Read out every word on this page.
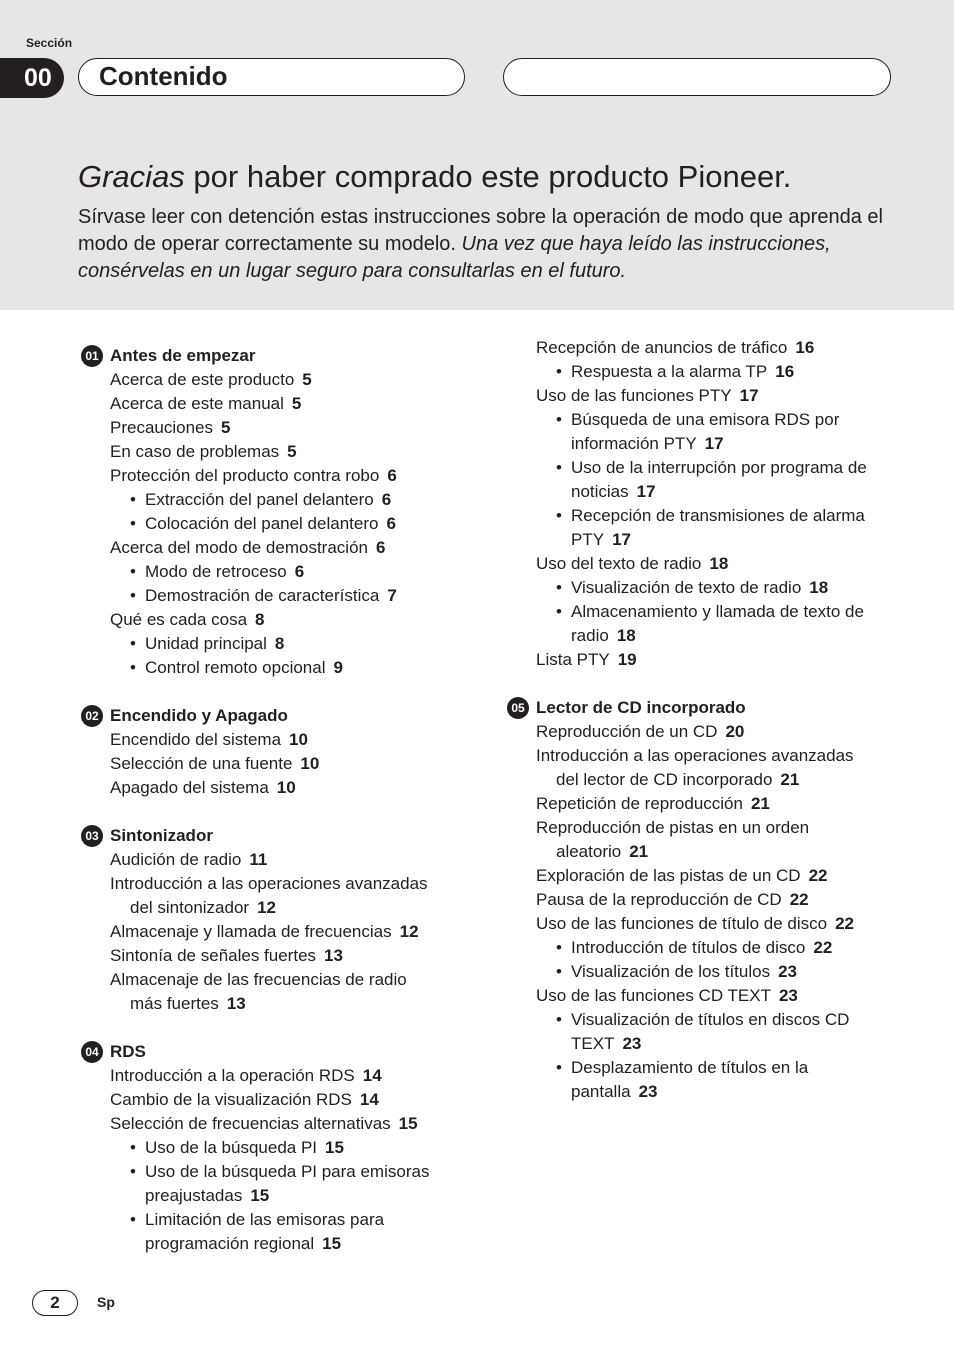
Sección
00	Contenido
Gracias por haber comprado este producto Pioneer.
Sírvase leer con detención estas instrucciones sobre la operación de modo que aprenda el modo de operar correctamente su modelo. Una vez que haya leído las instrucciones, consérvelas en un lugar seguro para consultarlas en el futuro.
01 Antes de empezar
Acerca de este producto 5
Acerca de este manual 5
Precauciones 5
En caso de problemas 5
Protección del producto contra robo 6
• Extracción del panel delantero 6
• Colocación del panel delantero 6
Acerca del modo de demostración 6
• Modo de retroceso 6
• Demostración de característica 7
Qué es cada cosa 8
• Unidad principal 8
• Control remoto opcional 9
02 Encendido y Apagado
Encendido del sistema 10
Selección de una fuente 10
Apagado del sistema 10
03 Sintonizador
Audición de radio 11
Introducción a las operaciones avanzadas
del sintonizador 12
Almacenaje y llamada de frecuencias 12
Sintonía de señales fuertes 13
Almacenaje de las frecuencias de radio
más fuertes 13
04 RDS
Introducción a la operación RDS 14
Cambio de la visualización RDS 14
Selección de frecuencias alternativas 15
• Uso de la búsqueda PI 15
• Uso de la búsqueda PI para emisoras
preajustadas 15
• Limitación de las emisoras para
programación regional 15
Recepción de anuncios de tráfico 16
• Respuesta a la alarma TP 16
Uso de las funciones PTY 17
• Búsqueda de una emisora RDS por
información PTY 17
• Uso de la interrupción por programa de
noticias 17
• Recepción de transmisiones de alarma
PTY 17
Uso del texto de radio 18
• Visualización de texto de radio 18
• Almacenamiento y llamada de texto de
radio 18
Lista PTY 19
05 Lector de CD incorporado
Reproducción de un CD 20
Introducción a las operaciones avanzadas
del lector de CD incorporado 21
Repetición de reproducción 21
Reproducción de pistas en un orden
aleatorio 21
Exploración de las pistas de un CD 22
Pausa de la reproducción de CD 22
Uso de las funciones de título de disco 22
• Introducción de títulos de disco 22
• Visualización de los títulos 23
Uso de las funciones CD TEXT 23
• Visualización de títulos en discos CD
TEXT 23
• Desplazamiento de títulos en la
pantalla 23
2	Sp
